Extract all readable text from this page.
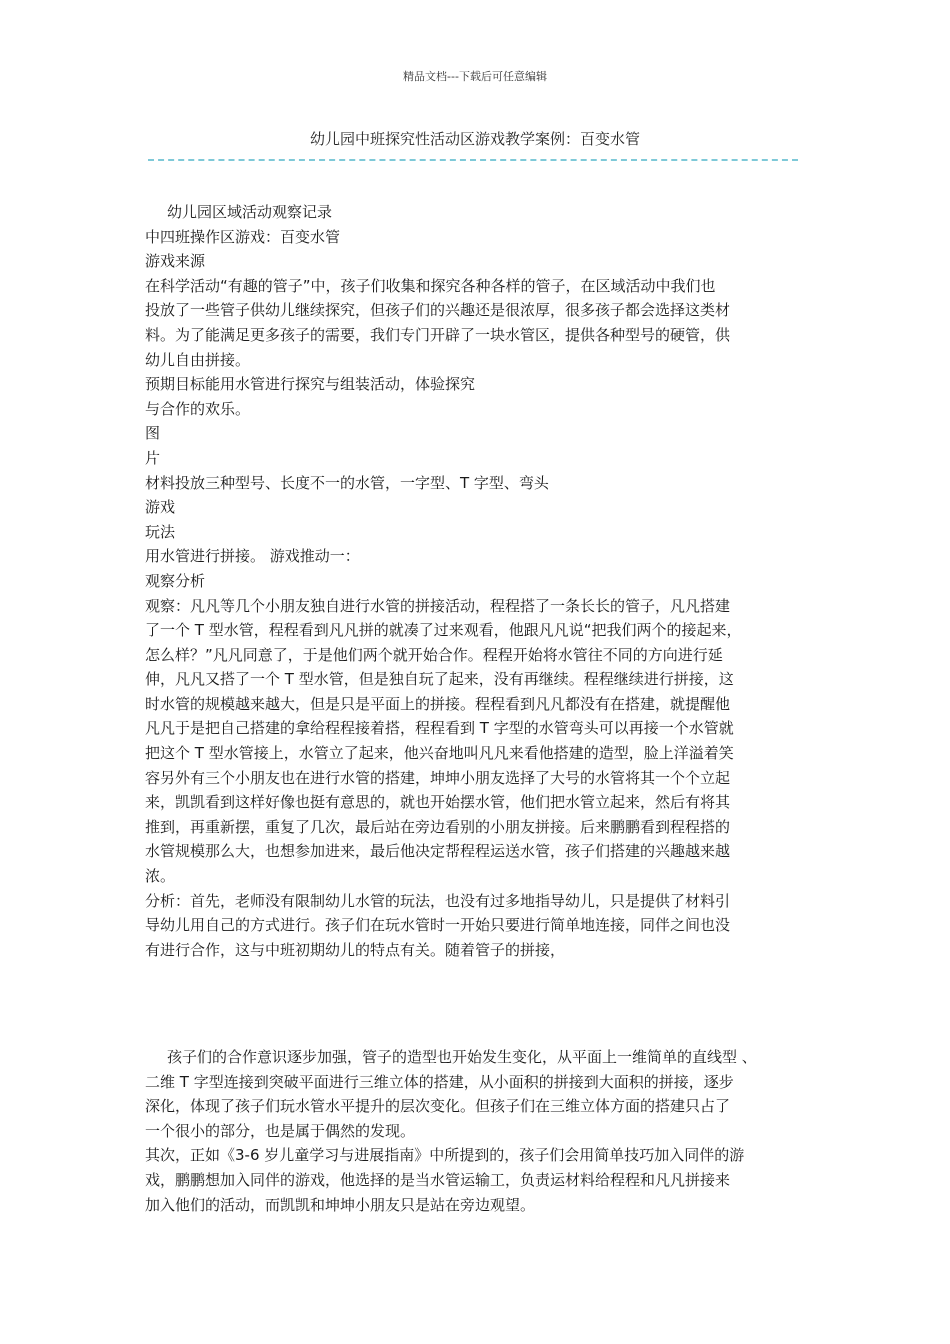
精品文档---下载后可任意编辑
幼儿园中班探究性活动区游戏教学案例：百变水管
幼儿园区域活动观察记录
中四班操作区游戏：百变水管
游戏来源
在科学活动“有趣的管子”中，孩子们收集和探究各种各样的管子，在区域活动中我们也
投放了一些管子供幼儿继续探究，但孩子们的兴趣还是很浓厚，很多孩子都会选择这类材
料。为了能满足更多孩子的需要，我们专门开辟了一块水管区，提供各种型号的硬管，供
幼儿自由拼接。
预期目标能用水管进行探究与组装活动，体验探究
与合作的欢乐。
图
片
材料投放三种型号、长度不一的水管，一字型、T 字型、弯头
游戏
玩法
用水管进行拼接。 游戏推动一：
观察分析
观察：凡凡等几个小朋友独自进行水管的拼接活动，程程搭了一条长长的管子，凡凡搭建
了一个 T 型水管，程程看到凡凡拼的就凑了过来观看，他跟凡凡说“把我们两个的接起来，
怎么样？”凡凡同意了，于是他们两个就开始合作。程程开始将水管往不同的方向进行延
伸，凡凡又搭了一个 T 型水管，但是独自玩了起来，没有再继续。程程继续进行拼接，这
时水管的规模越来越大，但是只是平面上的拼接。程程看到凡凡都没有在搭建，就提醒他
凡凡于是把自己搭建的拿给程程接着搭，程程看到 T 字型的水管弯头可以再接一个水管就
把这个 T 型水管接上，水管立了起来，他兴奋地叫凡凡来看他搭建的造型，脸上洋溢着笑
容另外有三个小朋友也在进行水管的搭建，坤坤小朋友选择了大号的水管将其一个个立起
来，凯凯看到这样好像也挺有意思的，就也开始摆水管，他们把水管立起来，然后有将其
推到，再重新摆，重复了几次，最后站在旁边看别的小朋友拼接。后来鹏鹏看到程程搭的
水管规模那么大，也想参加进来，最后他决定帮程程运送水管，孩子们搭建的兴趣越来越
浓。
分析：首先，老师没有限制幼儿水管的玩法，也没有过多地指导幼儿，只是提供了材料引
导幼儿用自己的方式进行。孩子们在玩水管时一开始只要进行简单地连接，同伴之间也没
有进行合作，这与中班初期幼儿的特点有关。随着管子的拼接，
孩子们的合作意识逐步加强，管子的造型也开始发生变化，从平面上一维简单的直线型 、
二维 T 字型连接到突破平面进行三维立体的搭建，从小面积的拼接到大面积的拼接，逐步
深化，体现了孩子们玩水管水平提升的层次变化。但孩子们在三维立体方面的搭建只占了
一个很小的部分，也是属于偶然的发现。
其次，正如《3-6 岁儿童学习与进展指南》中所提到的，孩子们会用简单技巧加入同伴的游
戏，鹏鹏想加入同伴的游戏，他选择的是当水管运输工，负责运材料给程程和凡凡拼接来
加入他们的活动，而凯凯和坤坤小朋友只是站在旁边观望。
